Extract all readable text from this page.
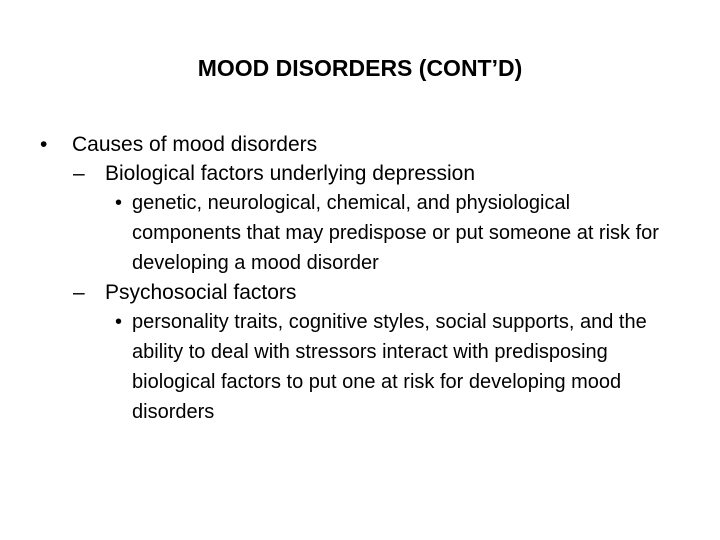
MOOD DISORDERS (CONT’D)
• Causes of mood disorders
– Biological factors underlying depression
• genetic, neurological, chemical, and physiological components that may predispose or put someone at risk for developing a mood disorder
– Psychosocial factors
• personality traits, cognitive styles, social supports, and the ability to deal with stressors interact with predisposing biological factors to put one at risk for developing mood disorders
